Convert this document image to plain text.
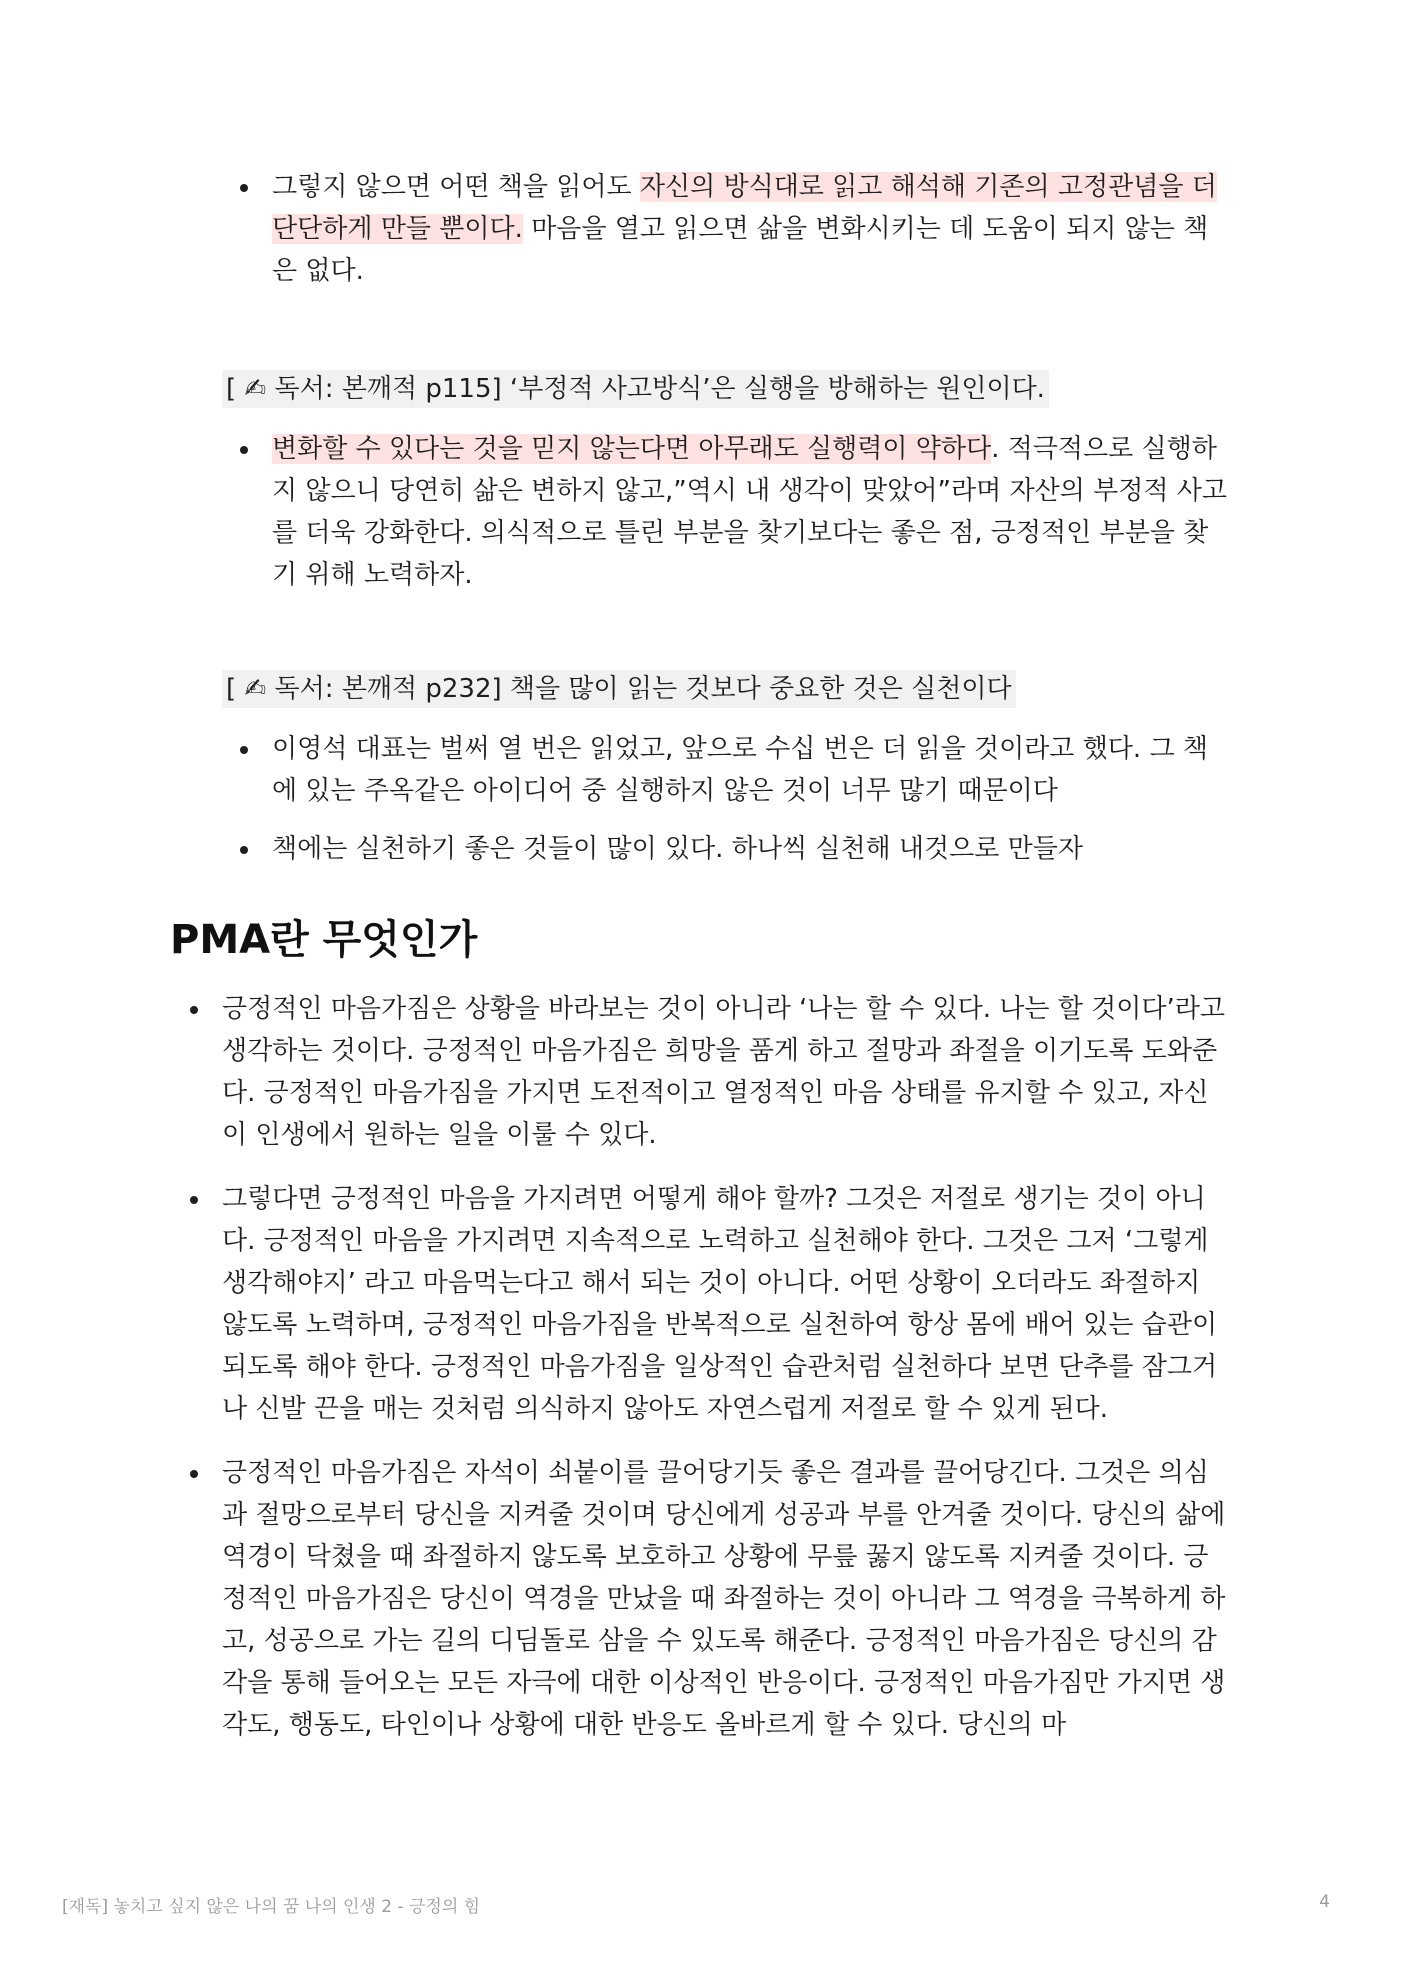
그렇지 않으면 어떤 책을 읽어도 자신의 방식대로 읽고 해석해 기존의 고정관념을 더 단단하게 만들 뿐이다. 마음을 열고 읽으면 삶을 변화시키는 데 도움이 되지 않는 책은 없다.
[ ✍ 독서: 본깨적 p115] ‘부정적 사고방식’은 실행을 방해하는 원인이다.
변화할 수 있다는 것을 믿지 않는다면 아무래도 실행력이 약하다. 적극적으로 실행하지 않으니 당연히 삶은 변하지 않고,”역시 내 생각이 맞았어”라며 자산의 부정적 사고를 더욱 강화한다. 의식적으로 틀린 부분을 찾기보다는 좋은 점, 긍정적인 부분을 찾기 위해 노력하자.
[ ✍ 독서: 본깨적 p232] 책을 많이 읽는 것보다 중요한 것은 실천이다
이영석 대표는 벌써 열 번은 읽었고, 앞으로 수십 번은 더 읽을 것이라고 했다. 그 책에 있는 주옥같은 아이디어 중 실행하지 않은 것이 너무 많기 때문이다
책에는 실천하기 좋은 것들이 많이 있다. 하나씩 실천해 내것으로 만들자
PMA란 무엇인가
긍정적인 마음가짐은 상황을 바라보는 것이 아니라 ‘나는 할 수 있다. 나는 할 것이다’라고 생각하는 것이다. 긍정적인 마음가짐은 희망을 품게 하고 절망과 좌절을 이기도록 도와준다. 긍정적인 마음가짐을 가지면 도전적이고 열정적인 마음 상태를 유지할 수 있고, 자신이 인생에서 원하는 일을 이룰 수 있다.
그렇다면 긍정적인 마음을 가지려면 어떻게 해야 할까? 그것은 저절로 생기는 것이 아니다. 긍정적인 마음을 가지려면 지속적으로 노력하고 실천해야 한다. 그것은 그저 ‘그렇게 생각해야지’ 라고 마음먹는다고 해서 되는 것이 아니다. 어떤 상황이 오더라도 좌절하지 않도록 노력하며, 긍정적인 마음가짐을 반복적으로 실천하여 항상 몸에 배어 있는 습관이 되도록 해야 한다. 긍정적인 마음가짐을 일상적인 습관처럼 실천하다 보면 단추를 잠그거나 신발 끈을 매는 것처럼 의식하지 않아도 자연스럽게 저절로 할 수 있게 된다.
긍정적인 마음가짐은 자석이 쇠붙이를 끌어당기듯 좋은 결과를 끌어당긴다. 그것은 의심과 절망으로부터 당신을 지켜줄 것이며 당신에게 성공과 부를 안겨줄 것이다. 당신의 삶에 역경이 닥쳤을 때 좌절하지 않도록 보호하고 상황에 무릎 꿇지 않도록 지켜줄 것이다. 긍정적인 마음가짐은 당신이 역경을 만났을 때 좌절하는 것이 아니라 그 역경을 극복하게 하고, 성공으로 가는 길의 디딤돌로 삼을 수 있도록 해준다. 긍정적인 마음가짐은 당신의 감각을 통해 들어오는 모든 자극에 대한 이상적인 반응이다. 긍정적인 마음가짐만 가지면 생각도, 행동도, 타인이나 상황에 대한 반응도 올바르게 할 수 있다. 당신의 마
[재독] 놓치고 싶지 않은 나의 꿈 나의 인생 2 - 긍정의 힘	4
